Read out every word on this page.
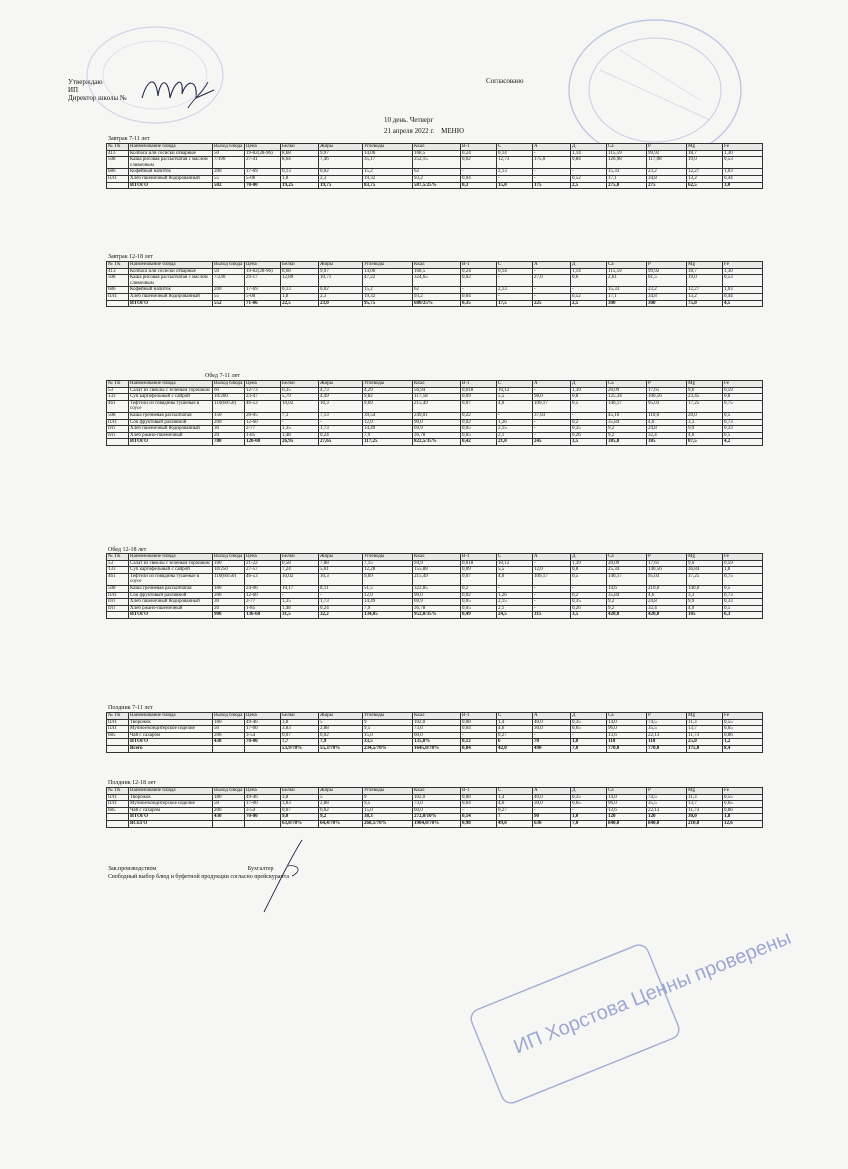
Утверждаю
ИП
Директор школы №
Согласовано
10 день. Четверг
21 апреля 2022 г. МЕНЮ
Завтрак 7-11 лет
№ ТК	Наименование блюда	Выход блюда	Цена	Белки	Жиры	Углеводы	Ккал	В-1	С	А	Д	Ca	P	Mg	Fe
413	Колбаса или сосиски отварные	50	19-82(28-96)	8,68	9,97	14,06	168,5	0,24	0,14	-	1,14	115,59	99,92	18,7	1,30
508	Каша рисовая рассыпчатая с маслом сливочным	7/190	27-41	8,64	7,46	35,17	252,15	0,02	12,73	175,0	0,84	126,98	117,08	19,0	0,53
686	Кофейный напиток	200	17-69	0,13	0,02	15,2	62	-	2,13	-	-	15,33	23,2	12,27	1,03
П/П	Хлеб пшеничный йодированный	55	5-08	1,8	2,3	19,32	93,2	0,04	-	-	0,52	17,1	34,8	13,2	0,44
	ИТОГО	502	70-00	19,25	19,75	83,75	587,5/25%	0,3	15,0	175	2,5	275,0	275	62,5	3,0
Завтрак 12-18 лет
№ ТК	Наименование блюда	Выход блюда	Цена	Белки	Жиры	Углеводы	Ккал	В-1	С	А	Д	Ca	P	Mg	Fe
413	Колбаса или сосиски отварные	50	19-82(28-96)	8,68	9,97	14,06	168,5	0,24	0,14	-	1,14	115,59	99,92	18,7	1,30
508	Каша рисовая рассыпчатая с маслом сливочным	7/240	29-17	12,89	10,71	47,22	324,65	0,02	-	27,0	0,6	2,61	61,5	19,0	0,53
686	Кофейный напиток	200	17-69	0,13	0,02	15,2	62	-	2,13	-	-	15,33	23,2	12,27	1,03
П/П	Хлеб пшеничный йодированный	55	5-08	1,8	2,3	19,32	93,2	0,04	-	-	0,52	17,1	34,8	13,2	0,44
	ИТОГО	552	71-86	22,5	23,0	95,75	680/25%	0,35	17,5	225	2,5	300	300	75,0	4,5
Обед 7-11 лет
№ ТК	Наименование блюда	Выход блюда	Цена	Белки	Жиры	Углеводы	Ккал	В-1	С	А	Д	Ca	P	Mg	Fe
53	Салат из свеклы с зеленым горошком	60	12-73	0,35	4,73	4,29	56,94	0,018	10,12	-	1,39	20,09	17,61	9,6	0,59
133	Суп картофельный с сайрой	10/200	23-47	5,79	4,49	9,82	117,58	0,09	5,5	98,0	0,8	125,34	100,56	23,45	0,8
461	Тефтели из говядины тушеные в соусе	110(60/50)	46-53	10,02	10,3	9,69	215,49	0,07	4,0	109,17	0,5	140,17	95,03	17,25	0,75
508	Каша гречневая рассыпчатая	150	20-05	7,3	7,13	39,54	249,01	0,22	-	37,83	-	45,16	110,0	20,0	0,5
П/П	Сок фруктовый разливной	200	12-60	-	-	12,0	90,0	0,02	1,26	-	0,2	35,84	4,6	3,3	0,73
п/п	Хлеб пшеничный йодированный	30	2-77	1,35	1,73	14,49	69,9	0,05	2,15	-	0,35	9,2	24,8	9,9	0,33
п/п	Хлеб ржано-пшеничный	20	1-85	1,48	0,24	7,9	36,78	0,05	2,1	-	0,26	9,2	32,4	4,0	0,5
	ИТОГО	780	120-00	26,95	27,65	117,25	822,5/35%	0,42	21,0	245	3,5	385,0	385	87,5	4,2
Обед 12-18 лет
№ ТК	Наименование блюда	Выход блюда	Цена	Белки	Жиры	Углеводы	Ккал	В-1	С	А	Д	Ca	P	Mg	Fe
53	Салат из свеклы с зеленым горошком	100	21-22	0,58	7,88	7,15	94,9	0,018	10,12	-	1,39	20,09	17,61	9,6	0,59
133	Суп картофельный с сайрой	10/250	27-57	7,24	5,61	12,28	155,88	0,09	5,5	12,0	0,8	25,34	140,56	36,84	1,8
461	Тефтели из говядины тушеные в соусе	110(60/50)	46-53	10,02	10,3	9,69	215,49	0,07	4,0	109,17	0,5	140,17	95,03	17,25	0,75
508	Каша гречневая рассыпчатая	180	24-06	10,17	8,11	51,5	322,85	0,2	-	-	-	14,6	210,0	140,0	0,5
П/П	Сок фруктовый разливной	200	12-60	-	-	12,0	90,0	0,02	1,26	-	0,2	35,84	4,6	3,3	0,73
п/п	Хлеб пшеничный йодированный	30	2-77	1,35	1,73	14,49	69,9	0,05	2,15	-	0,35	9,2	24,8	9,9	0,33
п/п	Хлеб ржано-пшеничный	20	1-85	1,48	0,24	7,9	36,78	0,05	2,1	-	0,26	9,2	32,4	4,0	0,5
	ИТОГО	900	136-60	31,5	32,2	134,05	952,0/35%	0,49	24,5	315	3,5	420,0	420,0	105	6,3
Полдник 7-11 лет
№ ТК	Наименование блюда	Выход блюда	Цена	Белки	Жиры	Углеводы	Ккал	В-1	С	А	Д	Ca	P	Mg	Fe
П/П	Творожок	180	49-46	3,8	5	9	102,0	0,08	1,4	40,0	0,35	14,0	74,5	11,3	0,55
П/П	Мучное/кондитерское изделие	50	17-00	3,83	2,88	9,5	73,0	0,04	4,6	30,0	0,65	96,0	35,5	13,7	0,65
685	Чай с сахаром	200	3-54	0,07	0,02	15,0	60,0	-	0,27	-	-	13,6	22,13	11,73	0,86
	ИТОГО	430	70-00	7,7	7,9	33,5	135,0%	0,12	6	70	1,0	110	110	25,0	1,2
	Всего			53,9/70%	55,3/70%	234,5/70%	1645,0/70%	0,84	42,0	490	7,0	770,0	770,0	175,0	8,4
Полдник 12-18 лет
№ ТК	Наименование блюда	Выход блюда	Цена	Белки	Жиры	Углеводы	Ккал	В-1	С	А	Д	Ca	P	Mg	Fe
П/П	Творожок	180	49-46	3,8	5	9	102,0	0,08	1,4	40,0	0,35	14,0	74,5	11,3	0,55
П/П	Мучное/кондитерское изделие	50	17-00	3,83	2,88	9,5	73,0	0,04	4,6	30,0	0,65	96,0	35,5	13,7	0,65
685	Чай с сахаром	200	3-54	0,07	0,02	15,0	60,0	-	0,27	-	-	13,6	22,13	11,73	0,86
	ИТОГО	430	70-00	9,0	9,2	38,3	272,0/10%	0,14	7	90	1,0	120	120	30,0	1,8
	ВСЕГО			63,0/70%	64,4/70%	268,1/70%	1904,0/70%	0,98	49,0	630	7,0	840,0	840,0	210,0	12,6
Зав.производством	Бухгалтер
Свободный выбор блюд и буфетной продукции согласно прейскуранта
ИП Хорстова Ценны проверены
